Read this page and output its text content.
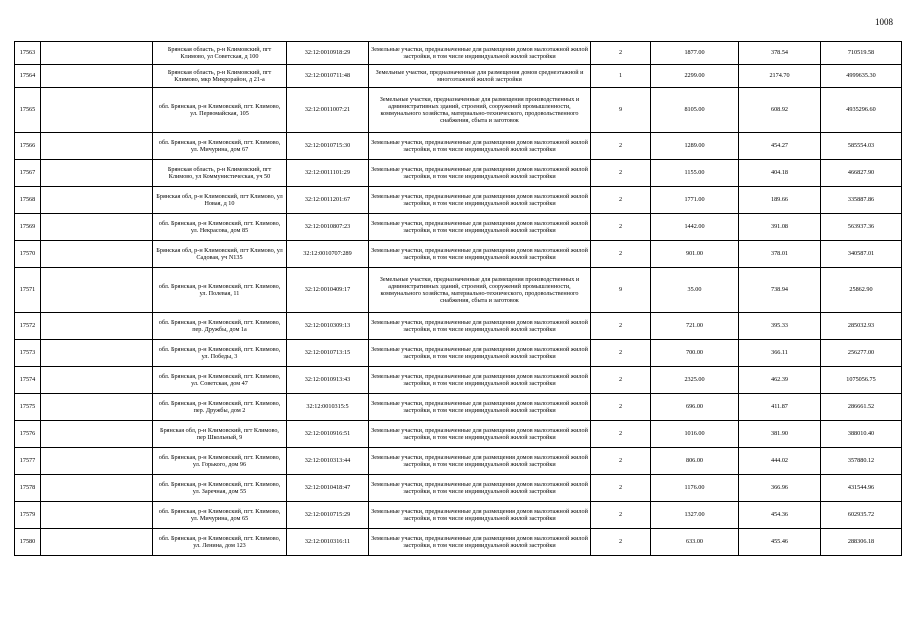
1008
17563		Брянская область, р-н Климовский, пгт Климово, ул Советская, д 100	32:12:0010918:29	Земельные участки, предназначенные для размещения домов малоэтажной жилой застройки, в том числе индивидуальной жилой застройки	2	1877.00	378.54	710519.58
17564		Брянская область, р-н Климовский, пгт Климово, мкр Микрорайон, д 21-а	32:12:0010711:48	Земельные участки, предназначенные для размещения домов среднеэтажной и многоэтажной жилой застройки	1	2299.00	2174.70	4999635.30
17565		обл. Брянская, р-н Климовский, пгт. Климово, ул. Первомайская, 105	32:12:0011007:21	Земельные участки, предназначенные для размещения производственных и административных зданий, строений, сооружений промышленности, коммунального хозяйства, материально-технического, продовольственного снабжения, сбыта и заготовок	9	8105.00	608.92	4935296.60
17566		обл. Брянская, р-н Климовский, пгт. Климово, ул. Мичурина, дом 67	32:12:0010715:30	Земельные участки, предназначенные для размещения домов малоэтажной жилой застройки, в том числе индивидуальной жилой застройки	2	1289.00	454.27	585554.03
17567		Брянская область, р-н Климовский, пгт Климово, ул Коммунистическая, уч 50	32:12:0011101:29	Земельные участки, предназначенные для размещения домов малоэтажной жилой застройки, в том числе индивидуальной жилой застройки	2	1155.00	404.18	466827.90
17568		Брянская обл, р-н Климовский, пгт Климово, ул Новая, д 10	32:12:0011201:67	Земельные участки, предназначенные для размещения домов малоэтажной жилой застройки, в том числе индивидуальной жилой застройки	2	1771.00	189.66	335887.86
17569		обл. Брянская, р-н Климовский, пгт. Климово, ул. Некрасова, дом 85	32:12:0010807:23	Земельные участки, предназначенные для размещения домов малоэтажной жилой застройки, в том числе индивидуальной жилой застройки	2	1442.00	391.08	563937.36
17570		Брянская обл, р-н Климовский, пгт Климово, ул Садовая, уч N135	32:12:0010707:289	Земельные участки, предназначенные для размещения домов малоэтажной жилой застройки, в том числе индивидуальной жилой застройки	2	901.00	378.01	340587.01
17571		обл. Брянская, р-н Климовский, пгт. Климово, ул. Полевая, 11	32:12:0010409:17	Земельные участки, предназначенные для размещения производственных и административных зданий, строений, сооружений промышленности, коммунального хозяйства, материально-технического, продовольственного снабжения, сбыта и заготовок	9	35.00	738.94	25862.90
17572		обл. Брянская, р-н Климовский, пгт. Климово, пер. Дружбы, дом 1а	32:12:0010309:13	Земельные участки, предназначенные для размещения домов малоэтажной жилой застройки, в том числе индивидуальной жилой застройки	2	721.00	395.33	285032.93
17573		обл. Брянская, р-н Климовский, пгт. Климово, ул. Победы, 3	32:12:0010713:15	Земельные участки, предназначенные для размещения домов малоэтажной жилой застройки, в том числе индивидуальной жилой застройки	2	700.00	366.11	256277.00
17574		обл. Брянская, р-н Климовский, пгт. Климово, ул. Советская, дом 47	32:12:0010913:43	Земельные участки, предназначенные для размещения домов малоэтажной жилой застройки, в том числе индивидуальной жилой застройки	2	2325.00	462.39	1075056.75
17575		обл. Брянская, р-н Климовский, пгт. Климово, пер. Дружбы, дом 2	32:12:0010315:5	Земельные участки, предназначенные для размещения домов малоэтажной жилой застройки, в том числе индивидуальной жилой застройки	2	696.00	411.87	286661.52
17576		Брянская обл, р-н Климовский, пгт Климово, пер Школьный, 9	32:12:0010916:51	Земельные участки, предназначенные для размещения домов малоэтажной жилой застройки, в том числе индивидуальной жилой застройки	2	1016.00	381.90	388010.40
17577		обл. Брянская, р-н Климовский, пгт. Климово, ул. Горького, дом 96	32:12:0010313:44	Земельные участки, предназначенные для размещения домов малоэтажной жилой застройки, в том числе индивидуальной жилой застройки	2	806.00	444.02	357880.12
17578		обл. Брянская, р-н Климовский, пгт. Климово, ул. Заречная, дом 55	32:12:0010418:47	Земельные участки, предназначенные для размещения домов малоэтажной жилой застройки, в том числе индивидуальной жилой застройки	2	1176.00	366.96	431544.96
17579		обл. Брянская, р-н Климовский, пгт. Климово, ул. Мичурина, дом 65	32:12:0010715:29	Земельные участки, предназначенные для размещения домов малоэтажной жилой застройки, в том числе индивидуальной жилой застройки	2	1327.00	454.36	602935.72
17580		обл. Брянская, р-н Климовский, пгт. Климово, ул. Ленина, дом 123	32:12:0010316:11	Земельные участки, предназначенные для размещения домов малоэтажной жилой застройки, в том числе индивидуальной жилой застройки	2	633.00	455.46	288306.18
